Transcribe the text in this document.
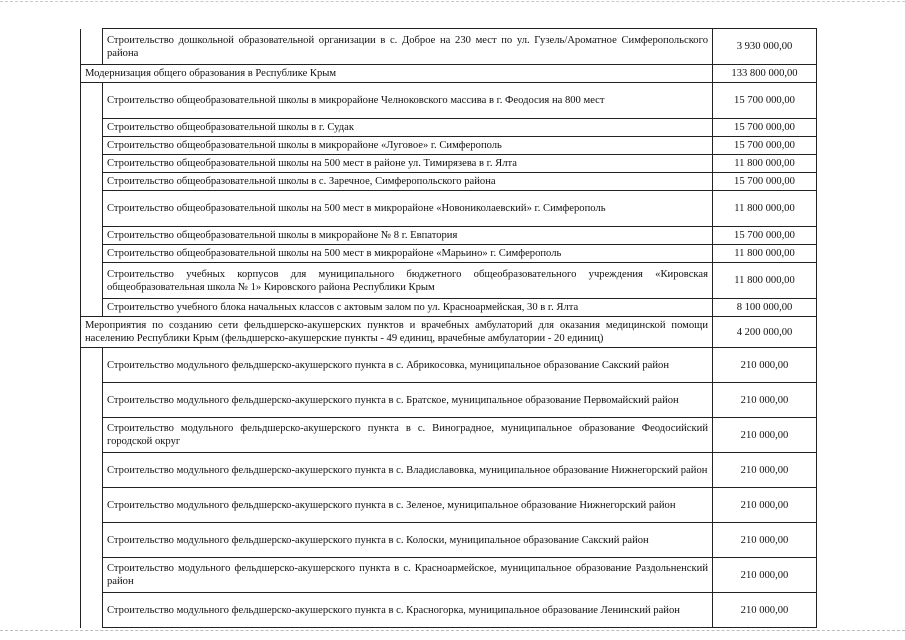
	Строительство дошкольной образовательной организации в с. Доброе на 230 мест по ул. Гузель/Ароматное Симферопольского района	3 930 000,00
Модернизация общего образования в Республике Крым		133 800 000,00
	Строительство общеобразовательной школы в микрорайоне Челноковского массива в г. Феодосия на 800 мест	15 700 000,00
	Строительство общеобразовательной школы в г. Судак	15 700 000,00
	Строительство общеобразовательной школы в микрорайоне «Луговое» г. Симферополь	15 700 000,00
	Строительство общеобразовательной школы на 500 мест в районе ул. Тимирязева в г. Ялта	11 800 000,00
	Строительство общеобразовательной школы в с. Заречное, Симферопольского района	15 700 000,00
	Строительство общеобразовательной школы на 500 мест в микрорайоне «Новониколаевский» г. Симферополь	11 800 000,00
	Строительство общеобразовательной школы в микрорайоне № 8 г. Евпатория	15 700 000,00
	Строительство общеобразовательной школы на 500 мест в микрорайоне «Марьино» г. Симферополь	11 800 000,00
	Строительство учебных корпусов для муниципального бюджетного общеобразовательного учреждения «Кировская общеобразовательная школа № 1» Кировского района Республики Крым	11 800 000,00
	Строительство учебного блока начальных классов с актовым залом по ул. Красноармейская, 30 в г. Ялта	8 100 000,00
Мероприятия по созданию сети фельдшерско-акушерских пунктов и врачебных амбулаторий для оказания медицинской помощи населению Республики Крым (фельдшерско-акушерские пункты - 49 единиц, врачебные амбулатории - 20 единиц)		4 200 000,00
	Строительство модульного фельдшерско-акушерского пункта в с. Абрикосовка, муниципальное образование Сакский район	210 000,00
	Строительство модульного фельдшерско-акушерского пункта в с. Братское, муниципальное образование Первомайский район	210 000,00
	Строительство модульного фельдшерско-акушерского пункта в с. Виноградное, муниципальное образование Феодосийский городской округ	210 000,00
	Строительство модульного фельдшерско-акушерского пункта в с. Владиславовка, муниципальное образование Нижнегорский район	210 000,00
	Строительство модульного фельдшерско-акушерского пункта в с. Зеленое, муниципальное образование Нижнегорский район	210 000,00
	Строительство модульного фельдшерско-акушерского пункта в с. Колоски, муниципальное образование Сакский район	210 000,00
	Строительство модульного фельдшерско-акушерского пункта в с. Красноармейское, муниципальное образование Раздольненский район	210 000,00
	Строительство модульного фельдшерско-акушерского пункта в с. Красногорка, муниципальное образование Ленинский район	210 000,00
